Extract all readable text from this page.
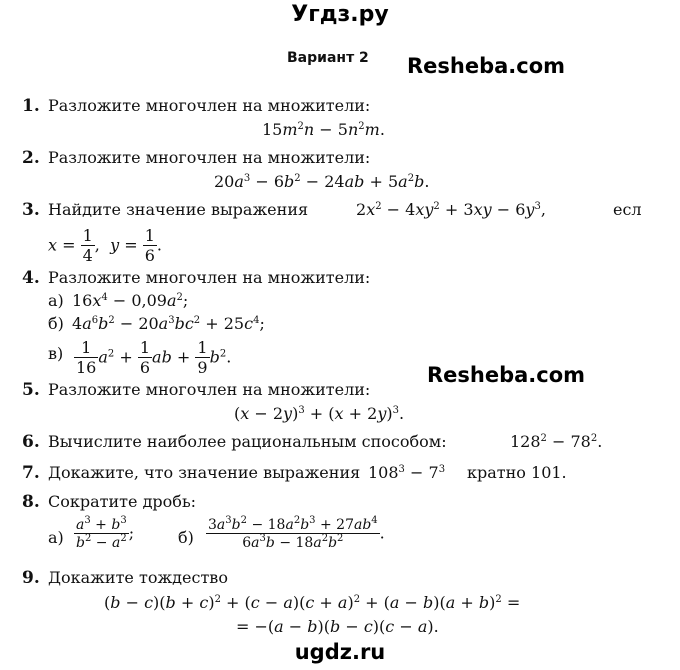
Угдз.ру
Resheba.com
Resheba.com
ugdz.ru
Вариант 2
1. Разложите многочлен на множители:
$15m^2n - 5n^2m$.
2. Разложите многочлен на множители:
$20a^3 - 6b^2 - 24ab + 5a^2b$.
3. Найдите значение выражения	$2x^2 - 4xy^2 + 3xy - 6y^3$,	есл
$x = \frac{1}{4}$ ,  $y = \frac{1}{6}$ .
4. Разложите многочлен на множители:
а) $16x^4 - 0,09a^2$;
б) $4a^6b^2 - 20a^3bc^2 + 25c^4$;
$в) \frac{1}{16} a^2 + \frac{1}{6}$ ab + $\frac{1}{9} b^2$.
5. Разложите многочлен на множители:
$(x - 2y)^3 + (x + 2y)^3$.
6. Вычислите наиболее рациональным способом:	$128^2 - 78^2$.
7. Докажите, что значение выражения $108^3 - 7^3$ кратно 101.
8. Сократите дробь:
$а) \frac{a^3 + b^3}{b^2 - a^2}$ ;	$б) \frac{3a^3b^2 - 18a^2b^3 + 27ab^4}{6a^3b - 18a^2b^2}$ .
9. Докажите тождество
$(b - c)(b + c)^2 + (c - a)(c + a)^2 + (a - b)(a + b)^2$ =
= −(a − b)(b − c)(c − a).
